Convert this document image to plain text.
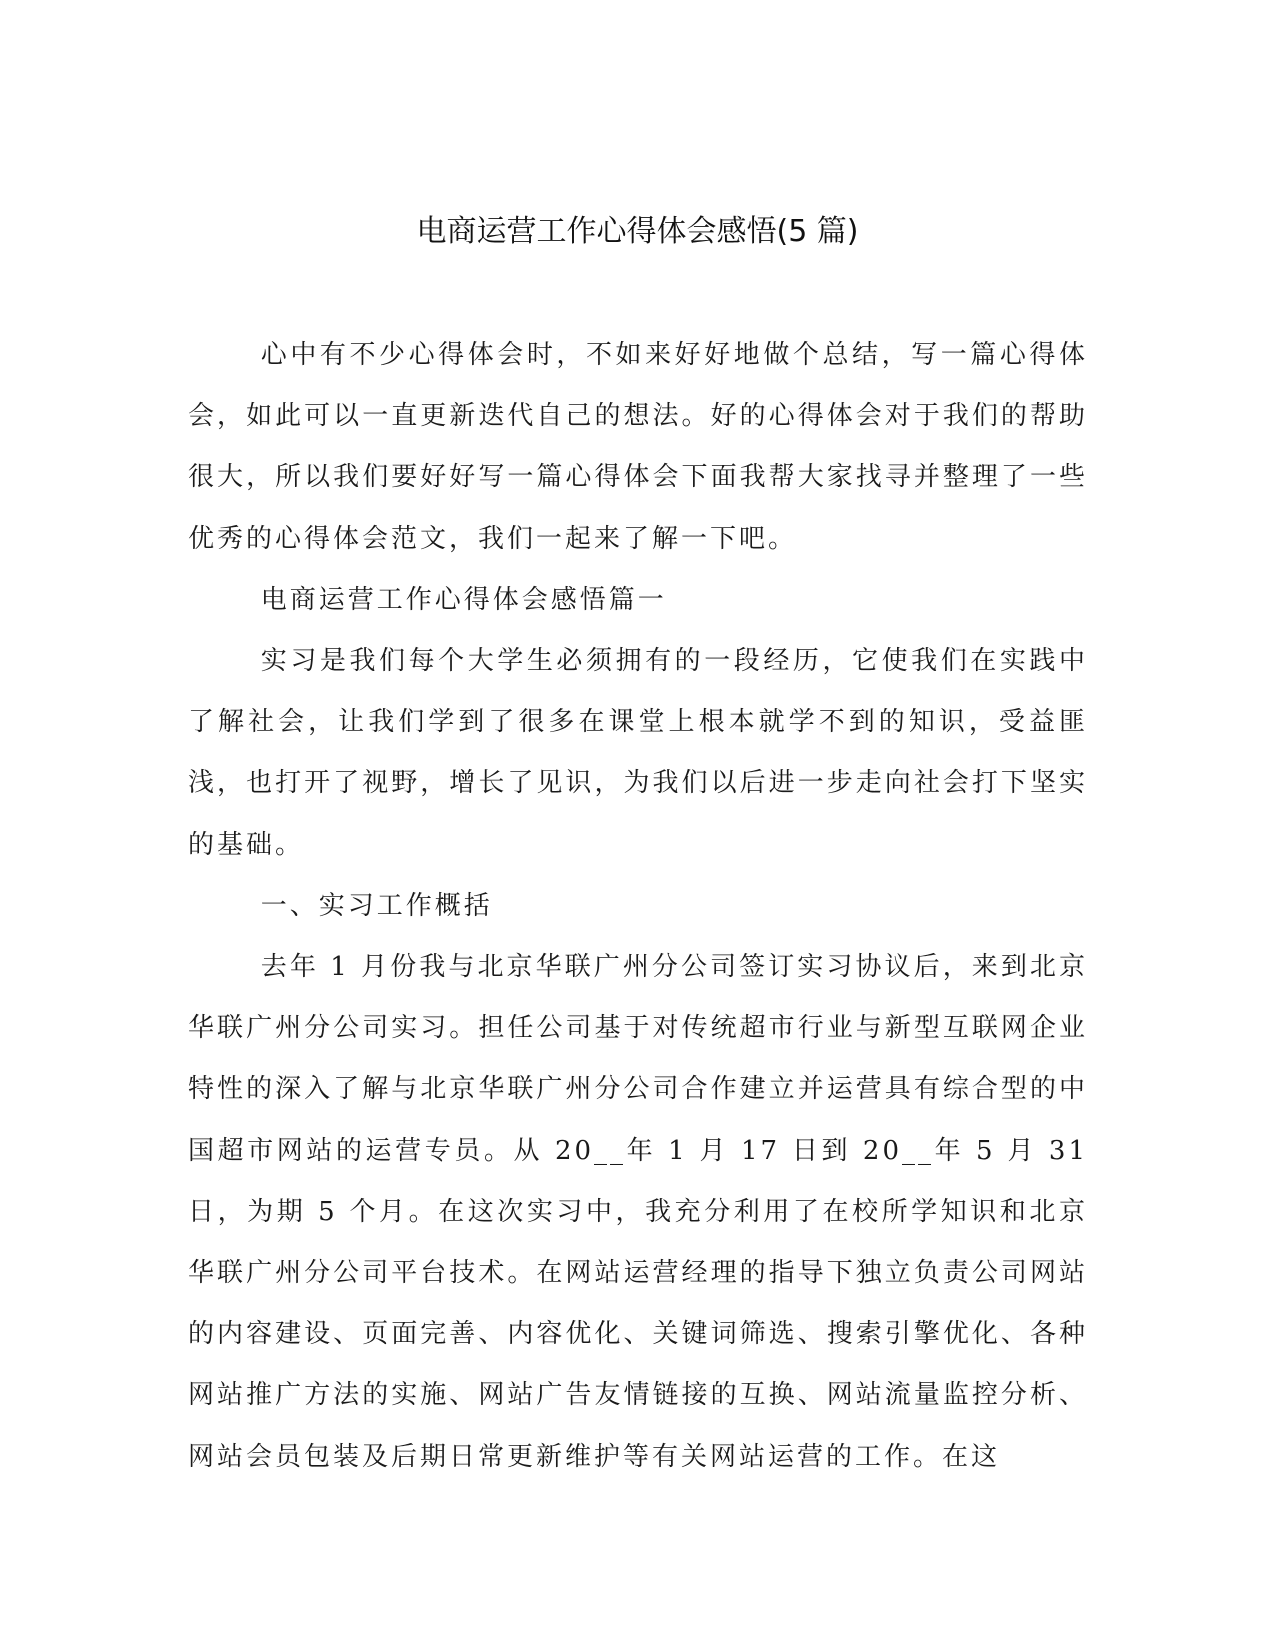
电商运营工作心得体会感悟(5 篇)

心中有不少心得体会时，不如来好好地做个总结，写一篇心得体会，如此可以一直更新迭代自己的想法。好的心得体会对于我们的帮助很大，所以我们要好好写一篇心得体会下面我帮大家找寻并整理了一些优秀的心得体会范文，我们一起来了解一下吧。

电商运营工作心得体会感悟篇一

实习是我们每个大学生必须拥有的一段经历，它使我们在实践中了解社会，让我们学到了很多在课堂上根本就学不到的知识，受益匪浅，也打开了视野，增长了见识，为我们以后进一步走向社会打下坚实的基础。

一、实习工作概括

去年 1 月份我与北京华联广州分公司签订实习协议后，来到北京华联广州分公司实习。担任公司基于对传统超市行业与新型互联网企业特性的深入了解与北京华联广州分公司合作建立并运营具有综合型的中国超市网站的运营专员。从 20__年 1 月 17 日到 20__年 5 月 31 日，为期 5 个月。在这次实习中，我充分利用了在校所学知识和北京华联广州分公司平台技术。在网站运营经理的指导下独立负责公司网站的内容建设、页面完善、内容优化、关键词筛选、搜索引擎优化、各种网站推广方法的实施、网站广告友情链接的互换、网站流量监控分析、网站会员包装及后期日常更新维护等有关网站运营的工作。在这
